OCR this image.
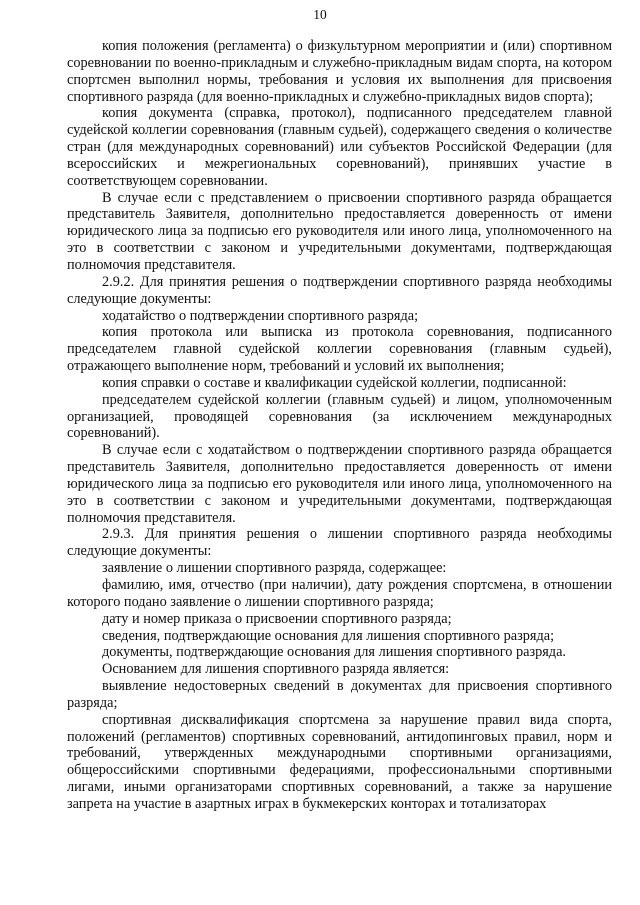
10

копия положения (регламента) о физкультурном мероприятии и (или) спортивном соревновании по военно-прикладным и служебно-прикладным видам спорта, на котором спортсмен выполнил нормы, требования и условия их выполнения для присвоения спортивного разряда (для военно-прикладных и служебно-прикладных видов спорта);

копия документа (справка, протокол), подписанного председателем главной судейской коллегии соревнования (главным судьей), содержащего сведения о количестве стран (для международных соревнований) или субъектов Российской Федерации (для всероссийских и межрегиональных соревнований), принявших участие в соответствующем соревновании.

В случае если с представлением о присвоении спортивного разряда обращается представитель Заявителя, дополнительно предоставляется доверенность от имени юридического лица за подписью его руководителя или иного лица, уполномоченного на это в соответствии с законом и учредительными документами, подтверждающая полномочия представителя.

2.9.2. Для принятия решения о подтверждении спортивного разряда необходимы следующие документы:

ходатайство о подтверждении спортивного разряда;

копия протокола или выписка из протокола соревнования, подписанного председателем главной судейской коллегии соревнования (главным судьей), отражающего выполнение норм, требований и условий их выполнения;

копия справки о составе и квалификации судейской коллегии, подписанной:

председателем судейской коллегии (главным судьей) и лицом, уполномоченным организацией, проводящей соревнования (за исключением международных соревнований).

В случае если с ходатайством о подтверждении спортивного разряда обращается представитель Заявителя, дополнительно предоставляется доверенность от имени юридического лица за подписью его руководителя или иного лица, уполномоченного на это в соответствии с законом и учредительными документами, подтверждающая полномочия представителя.

2.9.3. Для принятия решения о лишении спортивного разряда необходимы следующие документы:

заявление о лишении спортивного разряда, содержащее:

фамилию, имя, отчество (при наличии), дату рождения спортсмена, в отношении которого подано заявление о лишении спортивного разряда;

дату и номер приказа о присвоении спортивного разряда;

сведения, подтверждающие основания для лишения спортивного разряда;

документы, подтверждающие основания для лишения спортивного разряда.

Основанием для лишения спортивного разряда является:

выявление недостоверных сведений в документах для присвоения спортивного разряда;

спортивная дисквалификация спортсмена за нарушение правил вида спорта, положений (регламентов) спортивных соревнований, антидопинговых правил, норм и требований, утвержденных международными спортивными организациями, общероссийскими спортивными федерациями, профессиональными спортивными лигами, иными организаторами спортивных соревнований, а также за нарушение запрета на участие в азартных играх в букмекерских конторах и тотализаторах
